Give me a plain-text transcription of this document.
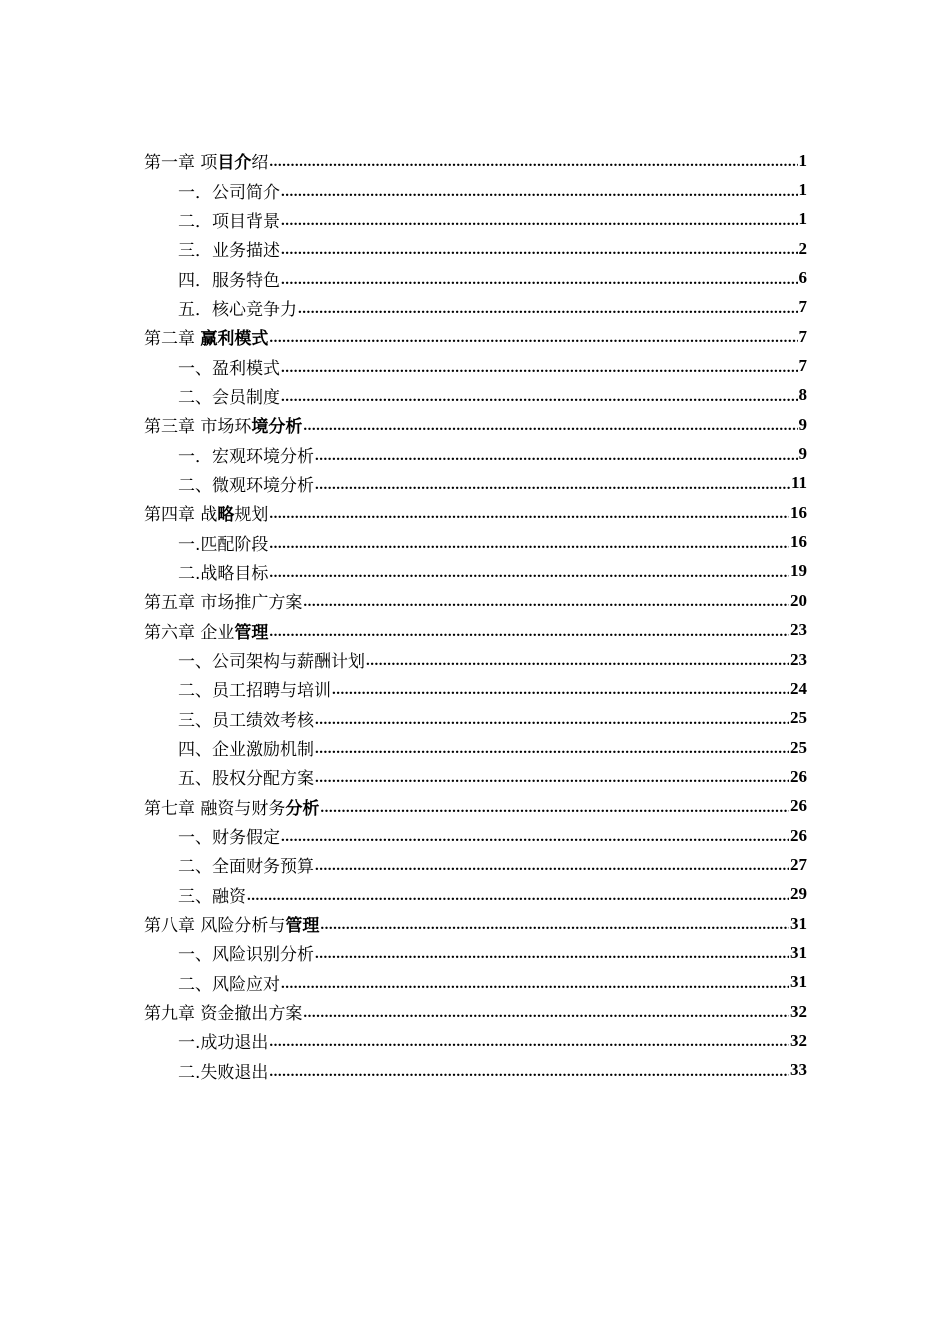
第一章 项目介绍 .....	1
一．公司简介 .....	1
二．项目背景 .....	1
三．业务描述 .....	2
四．服务特色 .....	6
五．核心竞争力 .....	7
第二章 赢利模式 .....	7
一、盈利模式 .....	7
二、会员制度 .....	8
第三章 市场环境分析 .....	9
一．宏观环境分析 .....	9
二、微观环境分析 .....	11
第四章 战略规划 .....	16
一.匹配阶段 .....	16
二.战略目标 .....	19
第五章 市场推广方案 .....	20
第六章 企业管理 .....	23
一、公司架构与薪酬计划 .....	23
二、员工招聘与培训 .....	24
三、员工绩效考核 .....	25
四、企业激励机制 .....	25
五、股权分配方案 .....	26
第七章 融资与财务分析 .....	26
一、财务假定 .....	26
二、全面财务预算 .....	27
三、融资 .....	29
第八章 风险分析与管理 .....	31
一、风险识别分析 .....	31
二、风险应对 .....	31
第九章 资金撤出方案 .....	32
一.成功退出 .....	32
二.失败退出 .....	33
